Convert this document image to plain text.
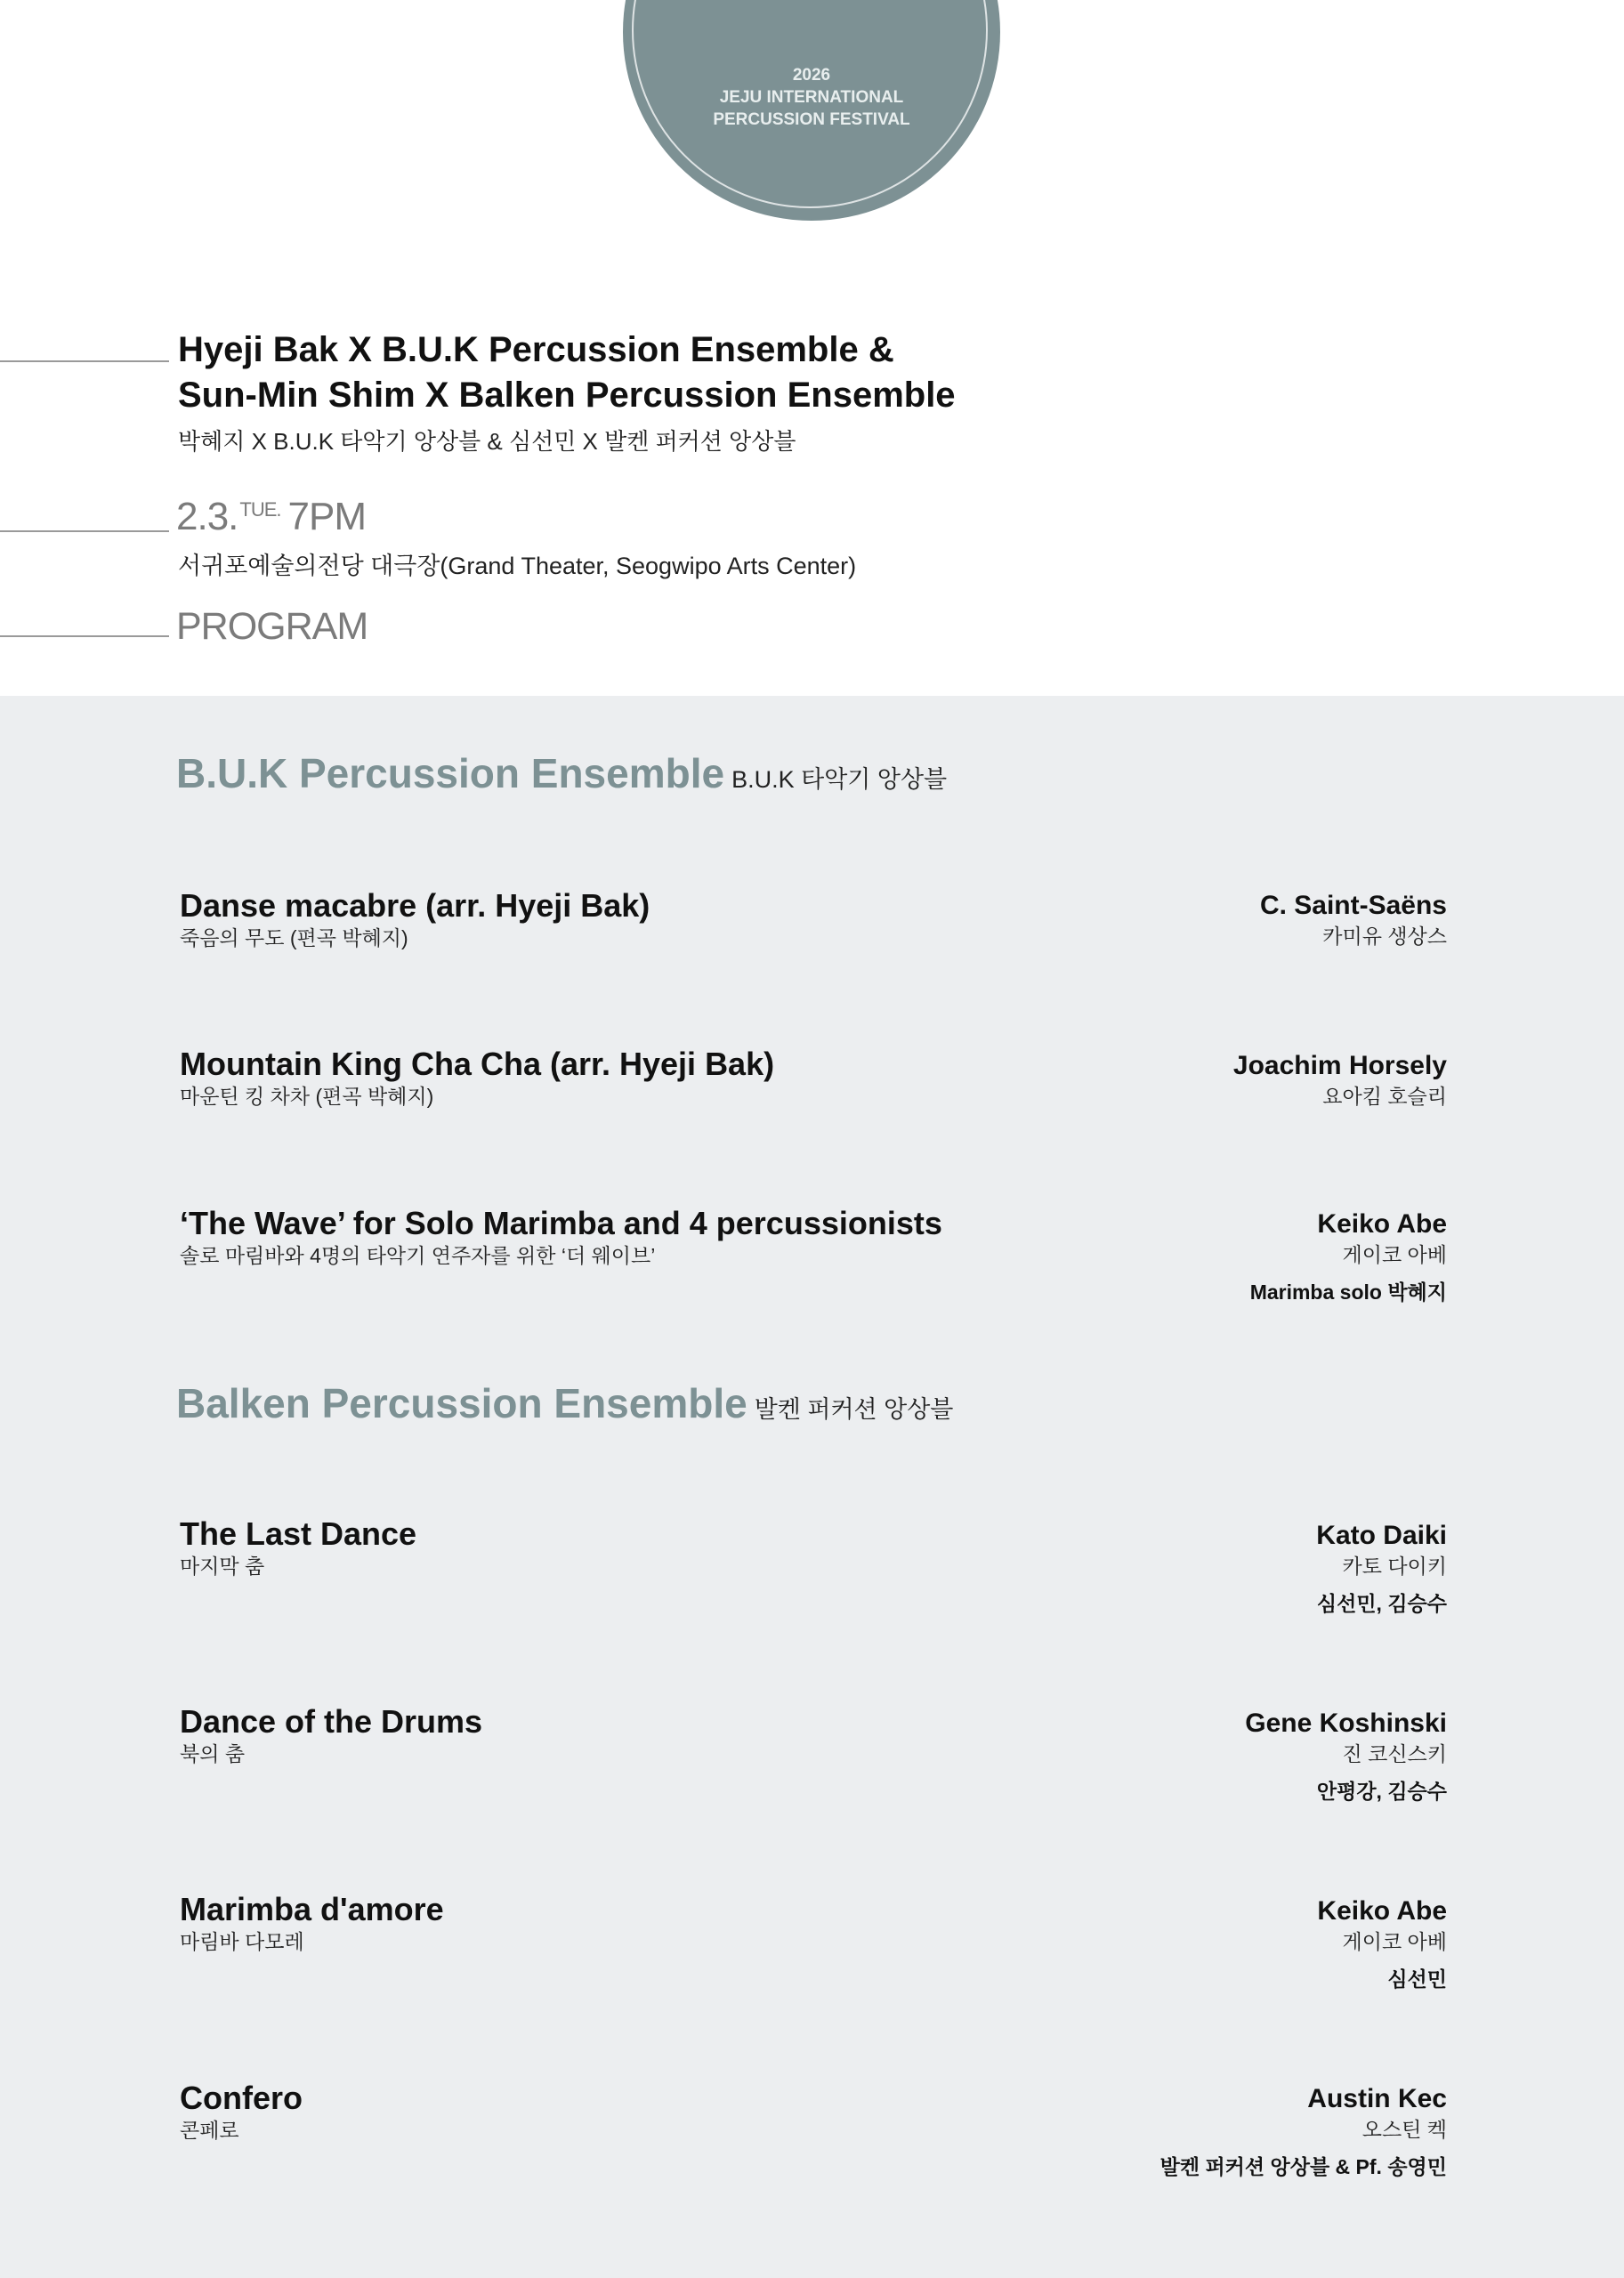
2026
JEJU INTERNATIONAL
PERCUSSION FESTIVAL
Hyeji Bak X B.U.K Percussion Ensemble &
Sun-Min Shim X Balken Percussion Ensemble
박혜지 X B.U.K 타악기 앙상블 & 심선민 X 발켄 퍼커션 앙상블
2.3.$^{TUE.}$ 7PM
서귀포예술의전당 대극장(Grand Theater, Seogwipo Arts Center)
PROGRAM
B.U.K Percussion Ensemble B.U.K 타악기 앙상블
Danse macabre (arr. Hyeji Bak)
죽음의 무도 (편곡 박혜지)
C. Saint-Saëns
카미유 생상스
Mountain King Cha Cha (arr. Hyeji Bak)
마운틴 킹 차차 (편곡 박혜지)
Joachim Horsely
요아킴 호슬리
‘The Wave’ for Solo Marimba and 4 percussionists
솔로 마림바와 4명의 타악기 연주자를 위한 ‘더 웨이브’
Keiko Abe
게이코 아베
Marimba solo 박혜지
Balken Percussion Ensemble 발켄 퍼커션 앙상블
The Last Dance
마지막 춤
Kato Daiki
카토 다이키
심선민, 김승수
Dance of the Drums
북의 춤
Gene Koshinski
진 코신스키
안평강, 김승수
Marimba d'amore
마림바 다모레
Keiko Abe
게이코 아베
심선민
Confero
콘페로
Austin Kec
오스틴 켁
발켄 퍼커션 앙상블 & Pf. 송영민
